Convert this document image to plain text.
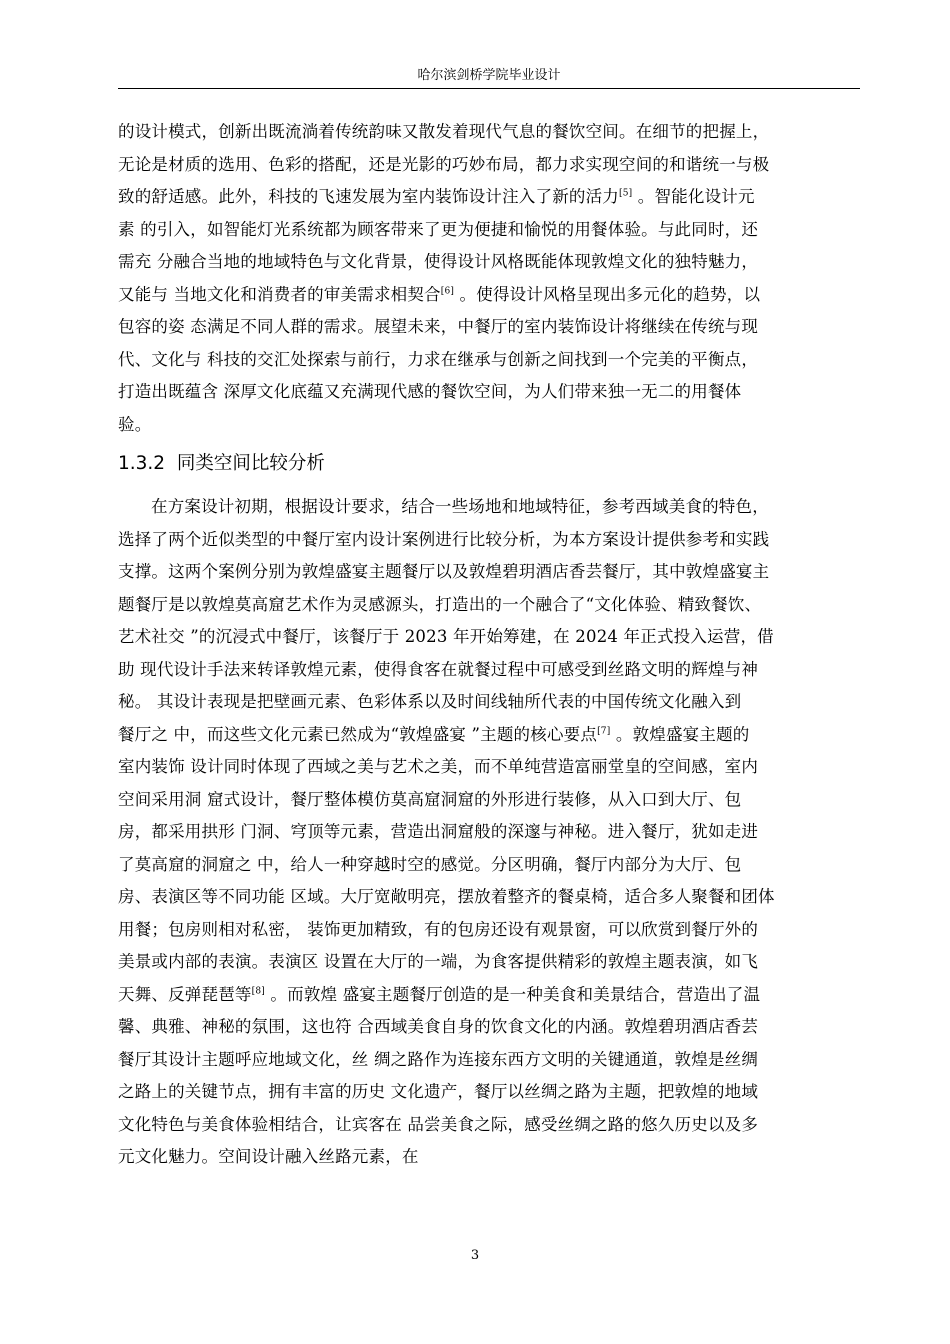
哈尔滨剑桥学院毕业设计

的设计模式，创新出既流淌着传统韵味又散发着现代气息的餐饮空间。在细节的把握上，
无论是材质的选用、色彩的搭配，还是光影的巧妙布局，都力求实现空间的和谐统一与极
致的舒适感。此外，科技的飞速发展为室内装饰设计注入了新的活力[5] 。智能化设计元
素 的引入，如智能灯光系统都为顾客带来了更为便捷和愉悦的用餐体验。与此同时，还
需充 分融合当地的地域特色与文化背景，使得设计风格既能体现敦煌文化的独特魅力，
又能与 当地文化和消费者的审美需求相契合[6] 。使得设计风格呈现出多元化的趋势，以
包容的姿 态满足不同人群的需求。展望未来，中餐厅的室内装饰设计将继续在传统与现
代、文化与 科技的交汇处探索与前行，力求在继承与创新之间找到一个完美的平衡点，
打造出既蕴含 深厚文化底蕴又充满现代感的餐饮空间，为人们带来独一无二的用餐体
验。

1.3.2 同类空间比较分析

在方案设计初期，根据设计要求，结合一些场地和地域特征，参考西域美食的特色，
选择了两个近似类型的中餐厅室内设计案例进行比较分析，为本方案设计提供参考和实践
支撑。这两个案例分别为敦煌盛宴主题餐厅以及敦煌碧玥酒店香芸餐厅，其中敦煌盛宴主
题餐厅是以敦煌莫高窟艺术作为灵感源头，打造出的一个融合了“文化体验、精致餐饮、
艺术社交 ”的沉浸式中餐厅，该餐厅于 2023 年开始筹建，在 2024 年正式投入运营，借
助 现代设计手法来转译敦煌元素，使得食客在就餐过程中可感受到丝路文明的辉煌与神
秘。 其设计表现是把壁画元素、色彩体系以及时间线轴所代表的中国传统文化融入到
餐厅之 中，而这些文化元素已然成为“敦煌盛宴 ”主题的核心要点[7] 。敦煌盛宴主题的
室内装饰 设计同时体现了西域之美与艺术之美，而不单纯营造富丽堂皇的空间感，室内
空间采用洞 窟式设计，餐厅整体模仿莫高窟洞窟的外形进行装修，从入口到大厅、包
房，都采用拱形 门洞、穹顶等元素，营造出洞窟般的深邃与神秘。进入餐厅，犹如走进
了莫高窟的洞窟之 中，给人一种穿越时空的感觉。分区明确，餐厅内部分为大厅、包
房、表演区等不同功能 区域。大厅宽敞明亮，摆放着整齐的餐桌椅，适合多人聚餐和团体
用餐；包房则相对私密， 装饰更加精致，有的包房还设有观景窗，可以欣赏到餐厅外的
美景或内部的表演。表演区 设置在大厅的一端，为食客提供精彩的敦煌主题表演，如飞
天舞、反弹琵琶等[8] 。而敦煌 盛宴主题餐厅创造的是一种美食和美景结合，营造出了温
馨、典雅、神秘的氛围，这也符 合西域美食自身的饮食文化的内涵。敦煌碧玥酒店香芸
餐厅其设计主题呼应地域文化，丝 绸之路作为连接东西方文明的关键通道，敦煌是丝绸
之路上的关键节点，拥有丰富的历史 文化遗产，餐厅以丝绸之路为主题，把敦煌的地域
文化特色与美食体验相结合，让宾客在 品尝美食之际，感受丝绸之路的悠久历史以及多
元文化魅力。空间设计融入丝路元素，在

3
